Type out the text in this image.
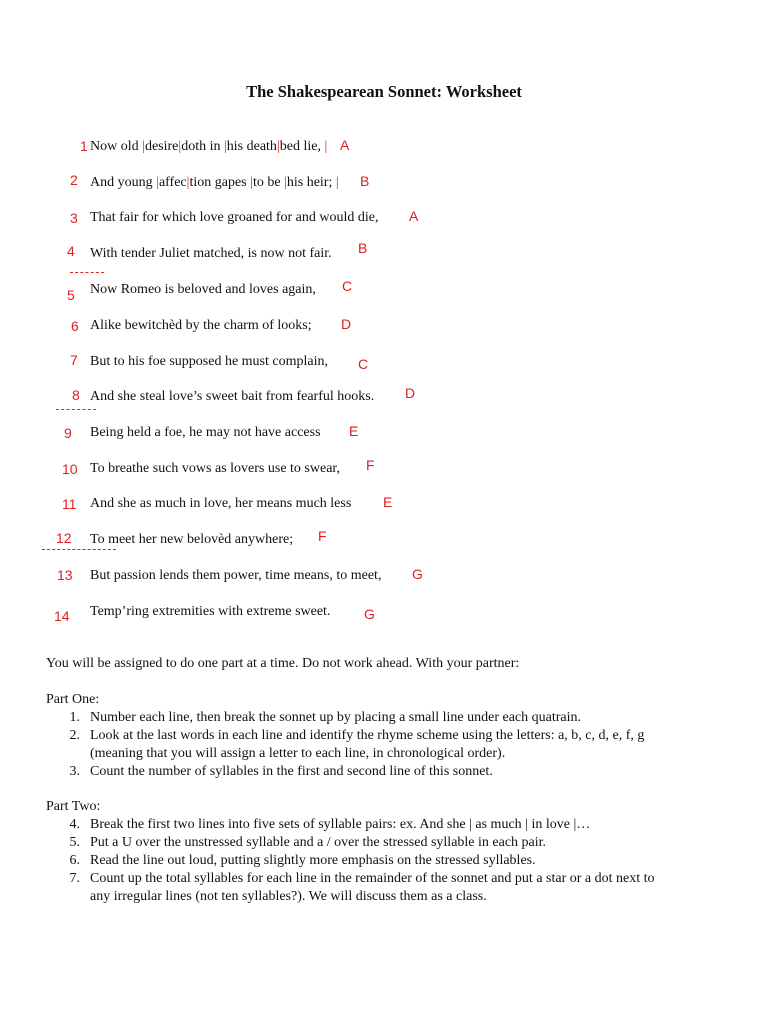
The Shakespearean Sonnet: Worksheet
1 Now old |desire|doth in |his death|bed lie, | A
2 And young |affec|tion gapes |to be |his heir; | B
3 That fair for which love groaned for and would die, A
4 With tender Juliet matched, is now not fair. B
5 Now Romeo is beloved and loves again, C
6 Alike bewitchèd by the charm of looks; D
7 But to his foe supposed he must complain, C
8 And she steal love’s sweet bait from fearful hooks. D
9 Being held a foe, he may not have access E
10 To breathe such vows as lovers use to swear, F
11 And she as much in love, her means much less E
12 To meet her new belovèd anywhere; F
13 But passion lends them power, time means, to meet, G
14 Temp’ring extremities with extreme sweet. G
You will be assigned to do one part at a time. Do not work ahead. With your partner:
Part One:
1. Number each line, then break the sonnet up by placing a small line under each quatrain.
2. Look at the last words in each line and identify the rhyme scheme using the letters: a, b, c, d, e, f, g
(meaning that you will assign a letter to each line, in chronological order).
3. Count the number of syllables in the first and second line of this sonnet.
Part Two:
4. Break the first two lines into five sets of syllable pairs: ex. And she | as much | in love |…
5. Put a U over the unstressed syllable and a / over the stressed syllable in each pair.
6. Read the line out loud, putting slightly more emphasis on the stressed syllables.
7. Count up the total syllables for each line in the remainder of the sonnet and put a star or a dot next to
any irregular lines (not ten syllables?). We will discuss them as a class.
